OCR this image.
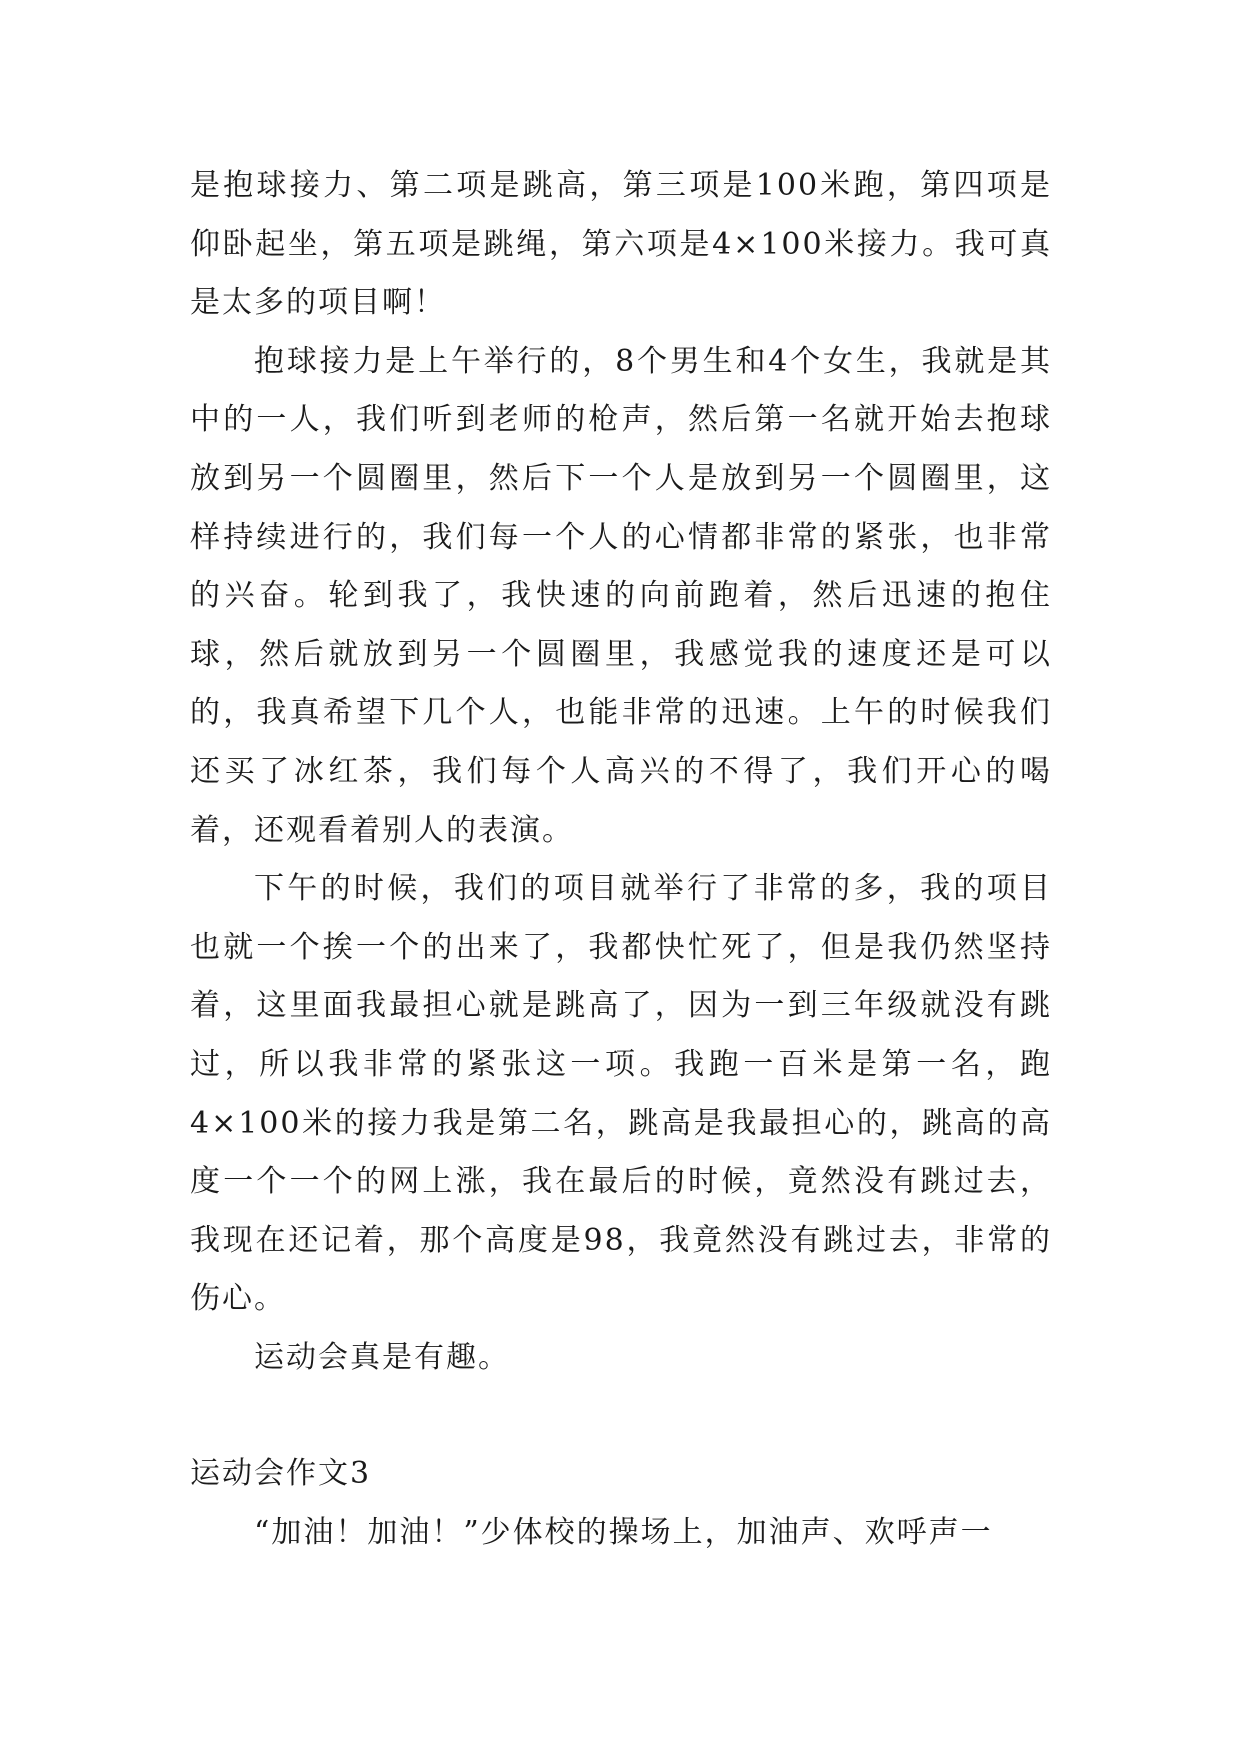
是抱球接力、第二项是跳高，第三项是100米跑，第四项是仰卧起坐，第五项是跳绳，第六项是4×100米接力。我可真是太多的项目啊！

抱球接力是上午举行的，8个男生和4个女生，我就是其中的一人，我们听到老师的枪声，然后第一名就开始去抱球放到另一个圆圈里，然后下一个人是放到另一个圆圈里，这样持续进行的，我们每一个人的心情都非常的紧张，也非常的兴奋。轮到我了，我快速的向前跑着，然后迅速的抱住球，然后就放到另一个圆圈里，我感觉我的速度还是可以的，我真希望下几个人，也能非常的迅速。上午的时候我们还买了冰红茶，我们每个人高兴的不得了，我们开心的喝着，还观看着别人的表演。

下午的时候，我们的项目就举行了非常的多，我的项目也就一个挨一个的出来了，我都快忙死了，但是我仍然坚持着，这里面我最担心就是跳高了，因为一到三年级就没有跳过，所以我非常的紧张这一项。我跑一百米是第一名，跑4×100米的接力我是第二名，跳高是我最担心的，跳高的高度一个一个的网上涨，我在最后的时候，竟然没有跳过去，我现在还记着，那个高度是98，我竟然没有跳过去，非常的伤心。

运动会真是有趣。

运动会作文3

“加油！加油！”少体校的操场上，加油声、欢呼声一
